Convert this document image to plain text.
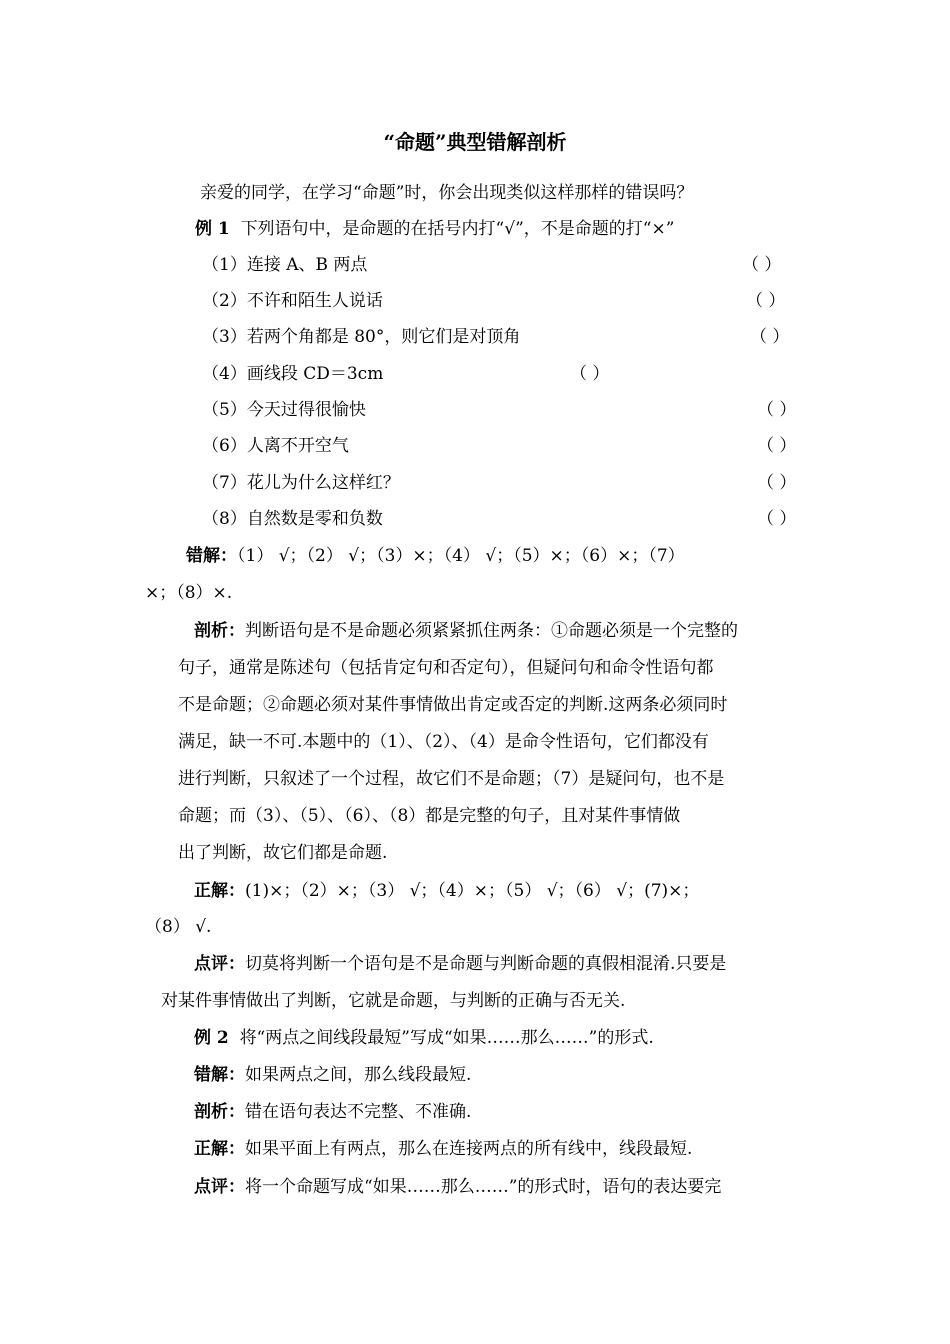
“命题”典型错解剖析
亲爱的同学，在学习“命题”时，你会出现类似这样那样的错误吗？
例 1 下列语句中，是命题的在括号内打“√”，不是命题的打“×”
（1）连接 A、B 两点	（ ）
（2）不许和陌生人说话	（ ）
（3）若两个角都是 80°，则它们是对顶角	（ ）
（4）画线段 CD＝3cm	（ ）
（5）今天过得很愉快	（ ）
（6）人离不开空气	（ ）
（7）花儿为什么这样红？	（ ）
（8）自然数是零和负数	（ ）
错解：（1） √；（2） √；（3）×；（4） √；（5）×；（6）×；（7）
×；（8）×.
剖析：判断语句是不是命题必须紧紧抓住两条：①命题必须是一个完整的
句子，通常是陈述句（包括肯定句和否定句），但疑问句和命令性语句都
不是命题；②命题必须对某件事情做出肯定或否定的判断.这两条必须同时
满足，缺一不可.本题中的（1）、（2）、（4）是命令性语句，它们都没有
进行判断，只叙述了一个过程，故它们不是命题；（7）是疑问句，也不是
命题；而（3）、（5）、（6）、（8）都是完整的句子，且对某件事情做
出了判断，故它们都是命题.
正解：(1)×；（2）×；（3） √；（4）×；（5） √；（6） √；(7)×；
（8） √.
点评：切莫将判断一个语句是不是命题与判断命题的真假相混淆.只要是
对某件事情做出了判断，它就是命题，与判断的正确与否无关.
例 2 将“两点之间线段最短”写成“如果……那么……”的形式.
错解：如果两点之间，那么线段最短.
剖析：错在语句表达不完整、不准确.
正解：如果平面上有两点，那么在连接两点的所有线中，线段最短.
点评：将一个命题写成“如果……那么……”的形式时，语句的表达要完
